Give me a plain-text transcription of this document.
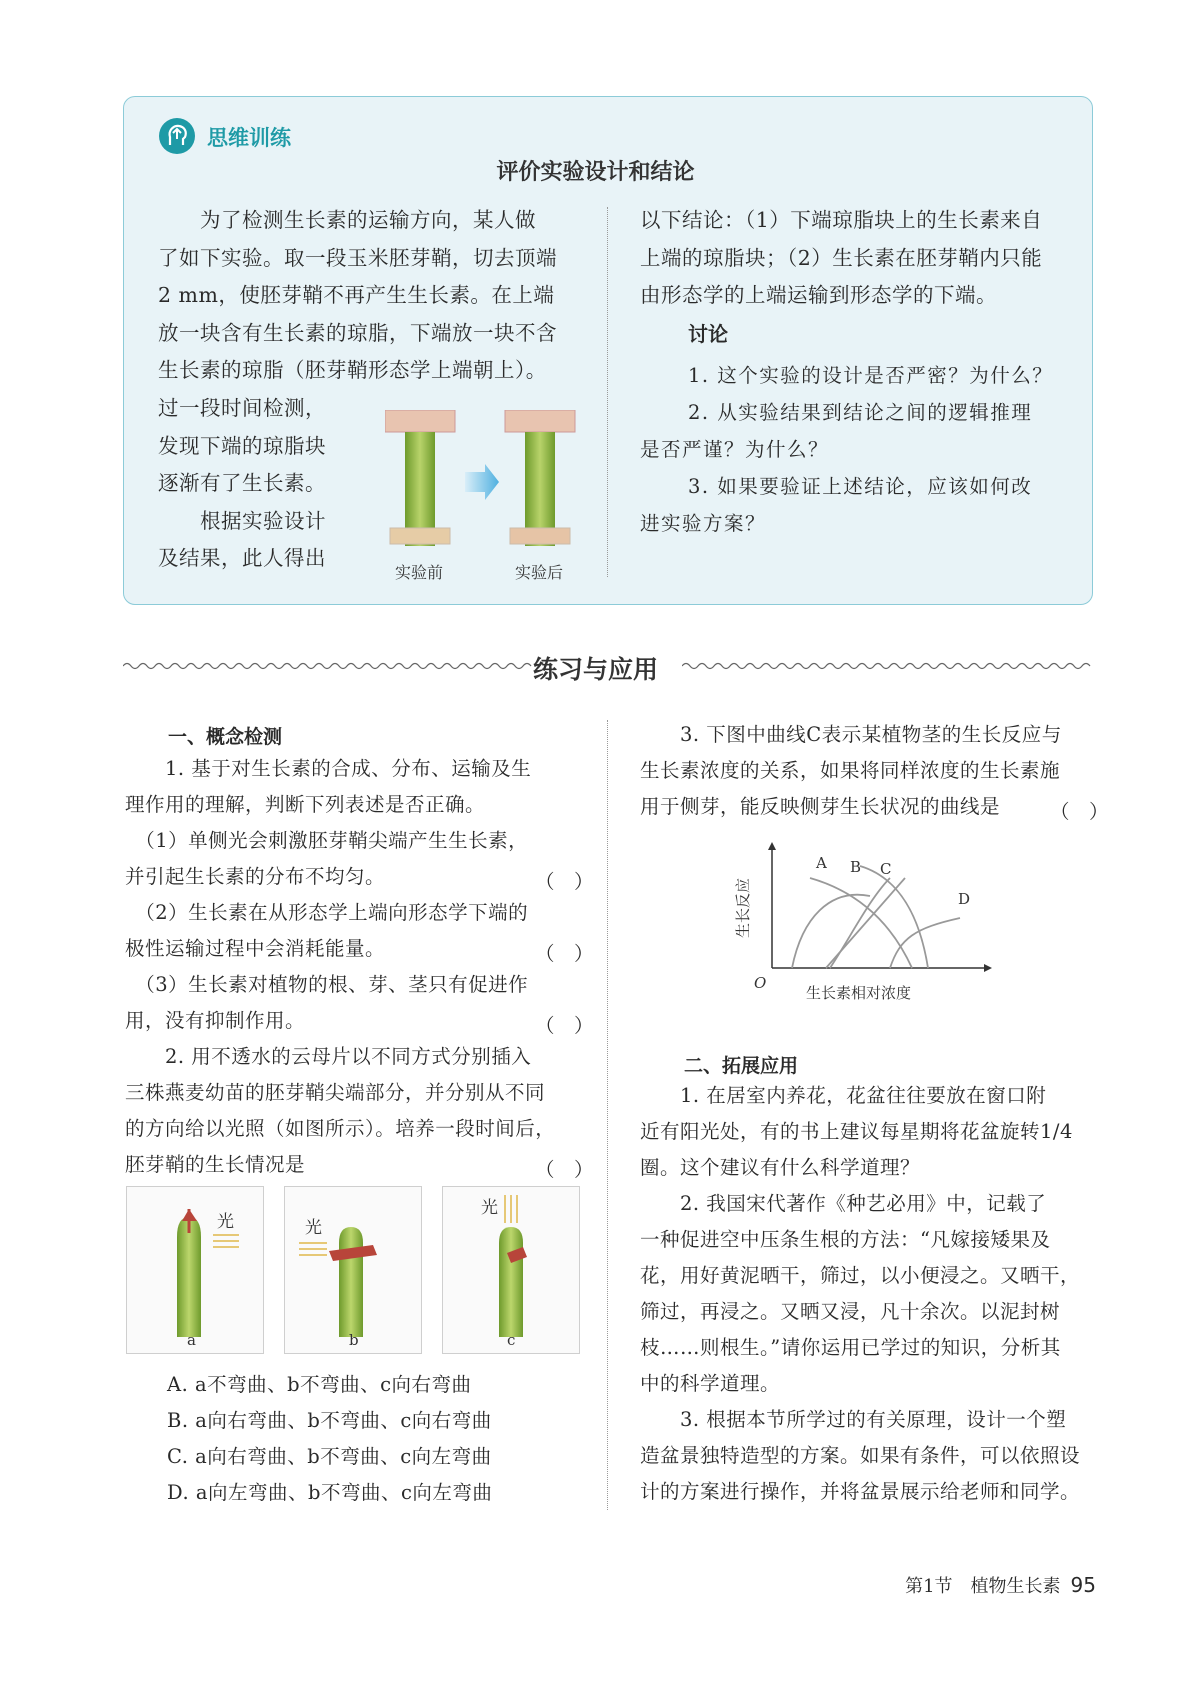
思维训练
评价实验设计和结论
　　为了检测生长素的运输方向，某人做
了如下实验。取一段玉米胚芽鞘，切去顶端
2 mm，使胚芽鞘不再产生生长素。在上端
放一块含有生长素的琼脂，下端放一块不含
生长素的琼脂（胚芽鞘形态学上端朝上）。
过一段时间检测，
发现下端的琼脂块
逐渐有了生长素。
　　根据实验设计
及结果，此人得出
实验前	实验后
以下结论：（1）下端琼脂块上的生长素来自
上端的琼脂块；（2）生长素在胚芽鞘内只能
由形态学的上端运输到形态学的下端。
讨论
1. 这个实验的设计是否严密？为什么？
2. 从实验结果到结论之间的逻辑推理
是否严谨？为什么？
3. 如果要验证上述结论，应该如何改
进实验方案？
练习与应用
一、概念检测
　　1. 基于对生长素的合成、分布、运输及生
理作用的理解，判断下列表述是否正确。
　（1）单侧光会刺激胚芽鞘尖端产生生长素，
并引起生长素的分布不均匀。	（　）
　（2）生长素在从形态学上端向形态学下端的
极性运输过程中会消耗能量。	（　）
　（3）生长素对植物的根、芽、茎只有促进作
用，没有抑制作用。	（　）
　　2. 用不透水的云母片以不同方式分别插入
三株燕麦幼苗的胚芽鞘尖端部分，并分别从不同
的方向给以光照（如图所示）。培养一段时间后，
胚芽鞘的生长情况是	（　）
光
a
光
b
光
c
A. a不弯曲、b不弯曲、c向右弯曲
B. a向右弯曲、b不弯曲、c向右弯曲
C. a向右弯曲、b不弯曲、c向左弯曲
D. a向左弯曲、b不弯曲、c向左弯曲
　　3. 下图中曲线C表示某植物茎的生长反应与
生长素浓度的关系，如果将同样浓度的生长素施
用于侧芽，能反映侧芽生长状况的曲线是	（　）
A B C
D
O
生长素相对浓度
生长反应
二、拓展应用
　　1. 在居室内养花，花盆往往要放在窗口附
近有阳光处，有的书上建议每星期将花盆旋转1/4
圈。这个建议有什么科学道理？
　　2. 我国宋代著作《种艺必用》中，记载了
一种促进空中压条生根的方法：“凡嫁接矮果及
花，用好黄泥晒干，筛过，以小便浸之。又晒干，
筛过，再浸之。又晒又浸，凡十余次。以泥封树
枝……则根生。”请你运用已学过的知识，分析其
中的科学道理。
　　3. 根据本节所学过的有关原理，设计一个塑
造盆景独特造型的方案。如果有条件，可以依照设
计的方案进行操作，并将盆景展示给老师和同学。
第1节　植物生长素 95
